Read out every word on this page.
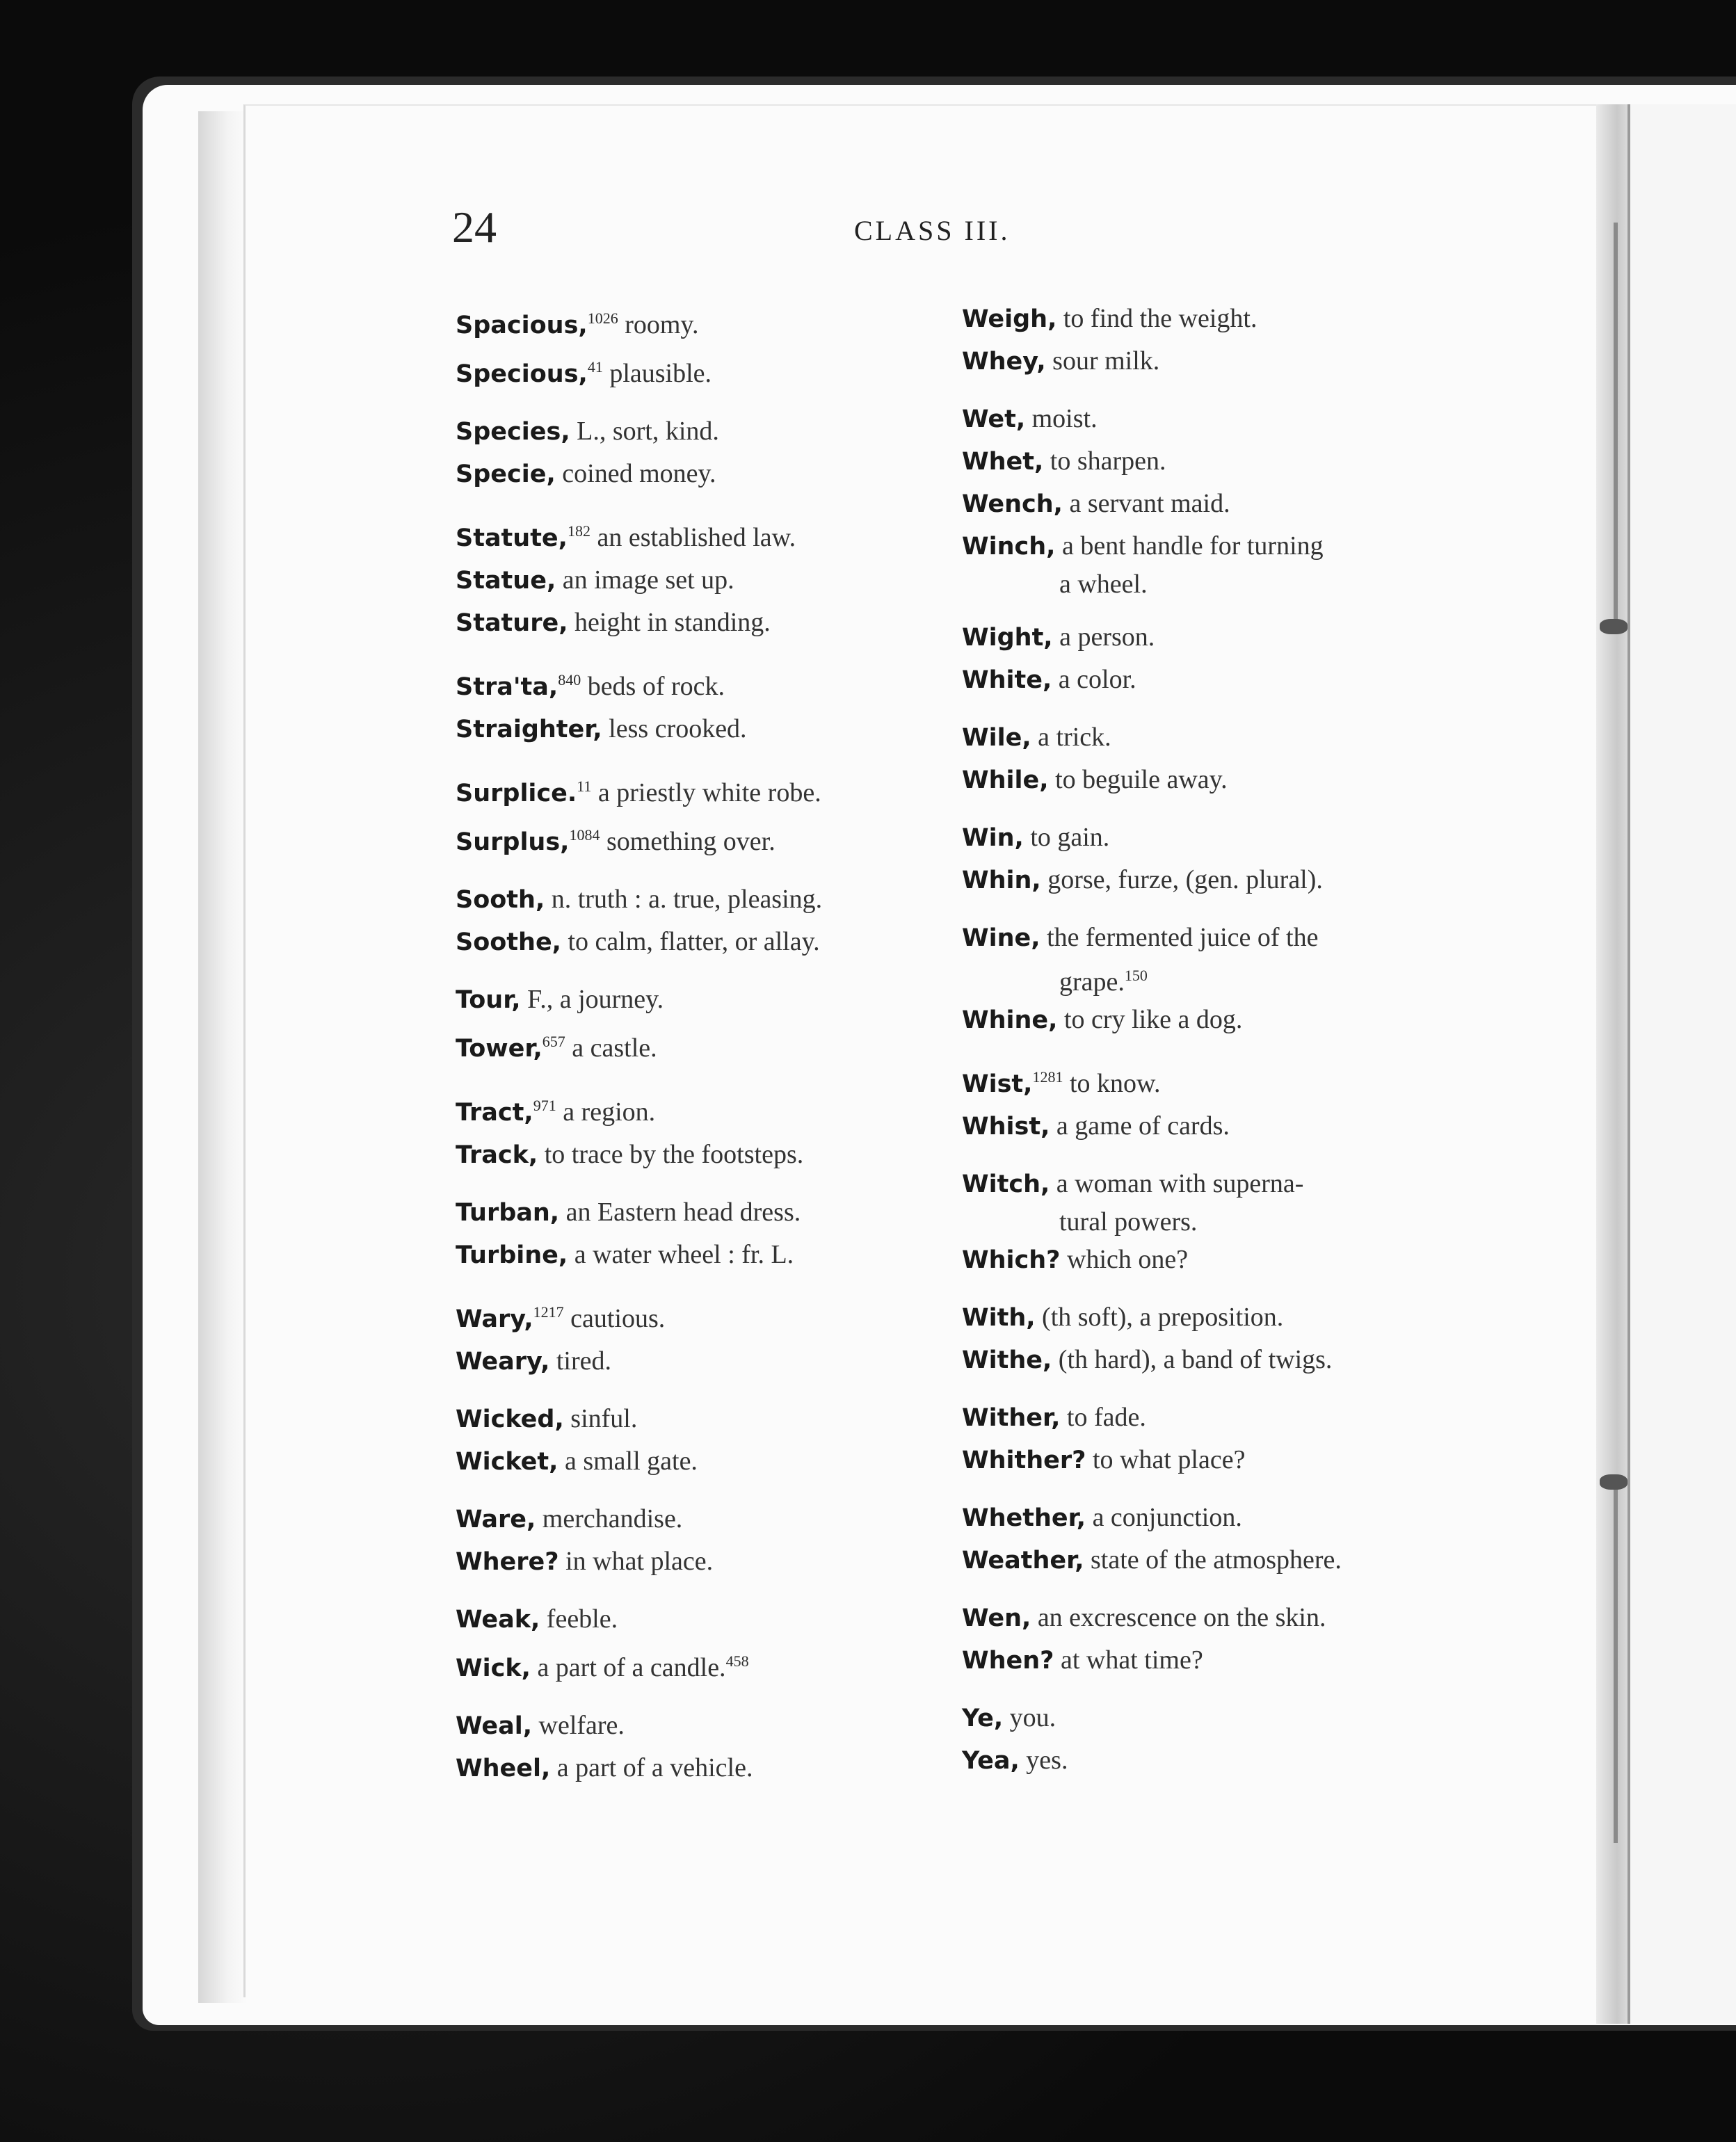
24	CLASS III.
Spacious,$^{1026}$ roomy.
Specious,$^{41}$ plausible.
Species, L., sort, kind.
Specie, coined money.
Statute,$^{182}$ an established law.
Statue, an image set up.
Stature, height in standing.
Stra'ta,$^{840}$ beds of rock.
Straighter, less crooked.
Surplice.$^{11}$ a priestly white robe.
Surplus,$^{1084}$ something over.
Sooth, n. truth : a. true, pleasing.
Soothe, to calm, flatter, or allay.
Tour, F., a journey.
Tower,$^{657}$ a castle.
Tract,$^{971}$ a region.
Track, to trace by the footsteps.
Turban, an Eastern head dress.
Turbine, a water wheel : fr. L.
Wary,$^{1217}$ cautious.
Weary, tired.
Wicked, sinful.
Wicket, a small gate.
Ware, merchandise.
Where? in what place.
Weak, feeble.
Wick, a part of a candle.$^{458}$
Weal, welfare.
Wheel, a part of a vehicle.
Weigh, to find the weight.
Whey, sour milk.
Wet, moist.
Whet, to sharpen.
Wench, a servant maid.
Winch, a bent handle for turning
a wheel.
Wight, a person.
White, a color.
Wile, a trick.
While, to beguile away.
Win, to gain.
Whin, gorse, furze, (gen. plural).
Wine, the fermented juice of the
grape.$^{150}$
Whine, to cry like a dog.
Wist,$^{1281}$ to know.
Whist, a game of cards.
Witch, a woman with superna-
tural powers.
Which? which one?
With, (th soft), a preposition.
Withe, (th hard), a band of twigs.
Wither, to fade.
Whither? to what place?
Whether, a conjunction.
Weather, state of the atmosphere.
Wen, an excrescence on the skin.
When? at what time?
Ye, you.
Yea, yes.
